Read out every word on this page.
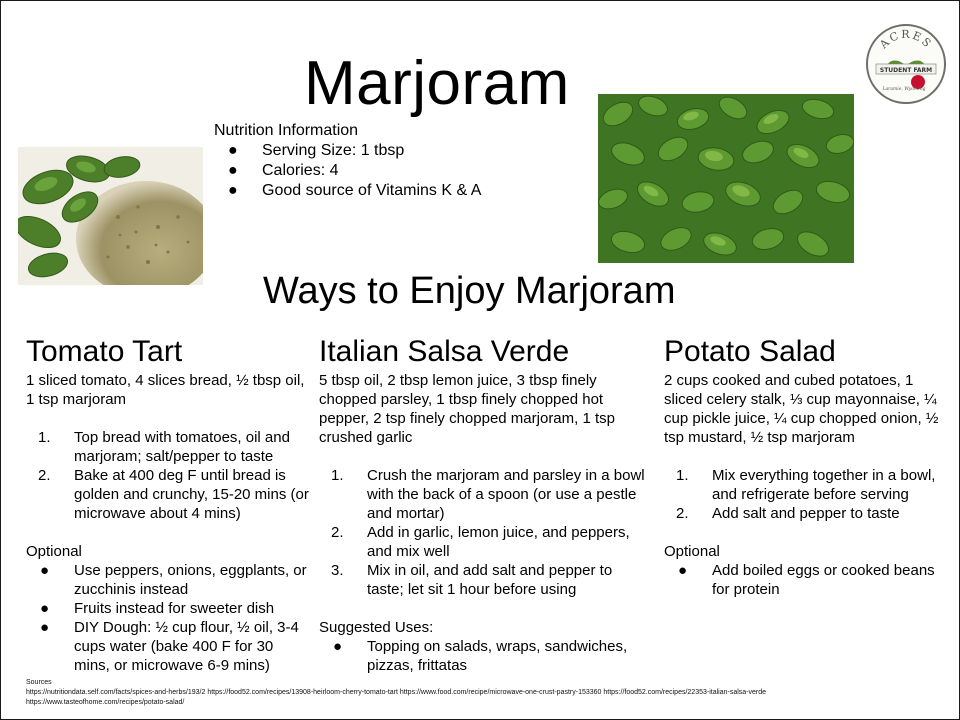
Marjoram
Nutrition Information
● Serving Size: 1 tbsp
● Calories: 4
● Good source of Vitamins K & A
ACRES
STUDENT FARM
Laramie, Wyoming
Ways to Enjoy Marjoram
Tomato Tart

1 sliced tomato, 4 slices bread, ½ tbsp oil, 1 tsp marjoram

1. Top bread with tomatoes, oil and marjoram; salt/pepper to taste
2. Bake at 400 deg F until bread is golden and crunchy, 15-20 mins (or microwave about 4 mins)

Optional

● Use peppers, onions, eggplants, or zucchinis instead
● Fruits instead for sweeter dish
● DIY Dough: ½ cup flour, ½ oil, 3-4 cups water (bake 400 F for 30 mins, or microwave 6-9 mins)
Italian Salsa Verde

5 tbsp oil, 2 tbsp lemon juice, 3 tbsp finely chopped parsley, 1 tbsp finely chopped hot pepper, 2 tsp finely chopped marjoram, 1 tsp crushed garlic

1. Crush the marjoram and parsley in a bowl with the back of a spoon (or use a pestle and mortar)
2. Add in garlic, lemon juice, and peppers, and mix well
3. Mix in oil, and add salt and pepper to taste; let sit 1 hour before using

Suggested Uses:

● Topping on salads, wraps, sandwiches, pizzas, frittatas
Potato Salad

2 cups cooked and cubed potatoes, 1 sliced celery stalk, ⅓ cup mayonnaise, ¼ cup pickle juice, ¼ cup chopped onion, ½ tsp mustard, ½ tsp marjoram

1. Mix everything together in a bowl, and refrigerate before serving
2. Add salt and pepper to taste

Optional

● Add boiled eggs or cooked beans for protein
Sources
https://nutritiondata.self.com/facts/spices-and-herbs/193/2 https://food52.com/recipes/13908-heirloom-cherry-tomato-tart https://www.food.com/recipe/microwave-one-crust-pastry-153360 https://food52.com/recipes/22353-italian-salsa-verde
https://www.tasteofhome.com/recipes/potato-salad/
